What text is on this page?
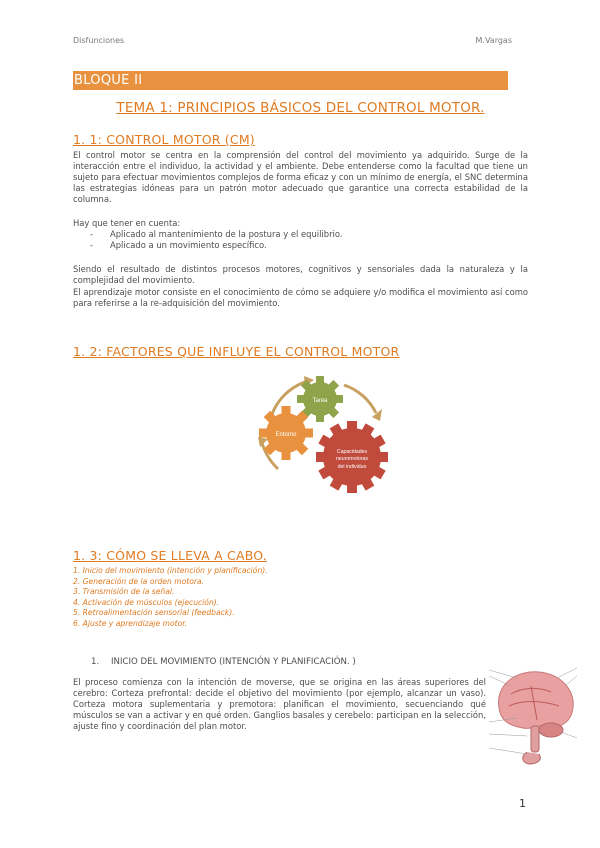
Disfunciones	M.Vargas
BLOQUE II
TEMA 1: PRINCIPIOS BÁSICOS DEL CONTROL MOTOR.
1. 1: CONTROL MOTOR (CM)

El control motor se centra en la comprensión del control del movimiento ya adquirido. Surge de la interacción entre el individuo, la actividad y el ambiente. Debe entenderse como la facultad que tiene un sujeto para efectuar movimientos complejos de forma eficaz y con un mínimo de energía, el SNC determina las estrategias idóneas para un patrón motor adecuado que garantice una correcta estabilidad de la columna.

Hay que tener en cuenta:

- Aplicado al mantenimiento de la postura y el equilibrio.
- Aplicado a un movimiento específico.

Siendo el resultado de distintos procesos motores, cognitivos y sensoriales dada la naturaleza y la complejidad del movimiento.

El aprendizaje motor consiste en el conocimiento de cómo se adquiere y/o modifica el movimiento así como para referirse a la re-adquisición del movimiento.

1. 2: FACTORES QUE INFLUYE EL CONTROL MOTOR
Tarea
Entorno
Capacidades
neuromotoras
del individuo
1. 3: CÓMO SE LLEVA A CABO.
1. Inicio del movimiento (intención y planificación).
2. Generación de la orden motora.
3. Transmisión de la señal.
4. Activación de músculos (ejecución).
5. Retroalimentación sensorial (feedback).
6. Ajuste y aprendizaje motor.
1. INICIO DEL MOVIMIENTO (INTENCIÓN Y PLANIFICACIÓN. )

El proceso comienza con la intención de moverse, que se origina en las áreas superiores del cerebro: Corteza prefrontal: decide el objetivo del movimiento (por ejemplo, alcanzar un vaso). Corteza motora suplementaria y premotora: planifican el movimiento, secuenciando qué músculos se van a activar y en qué orden. Ganglios basales y cerebelo: participan en la selección, ajuste fino y coordinación del plan motor.

1
